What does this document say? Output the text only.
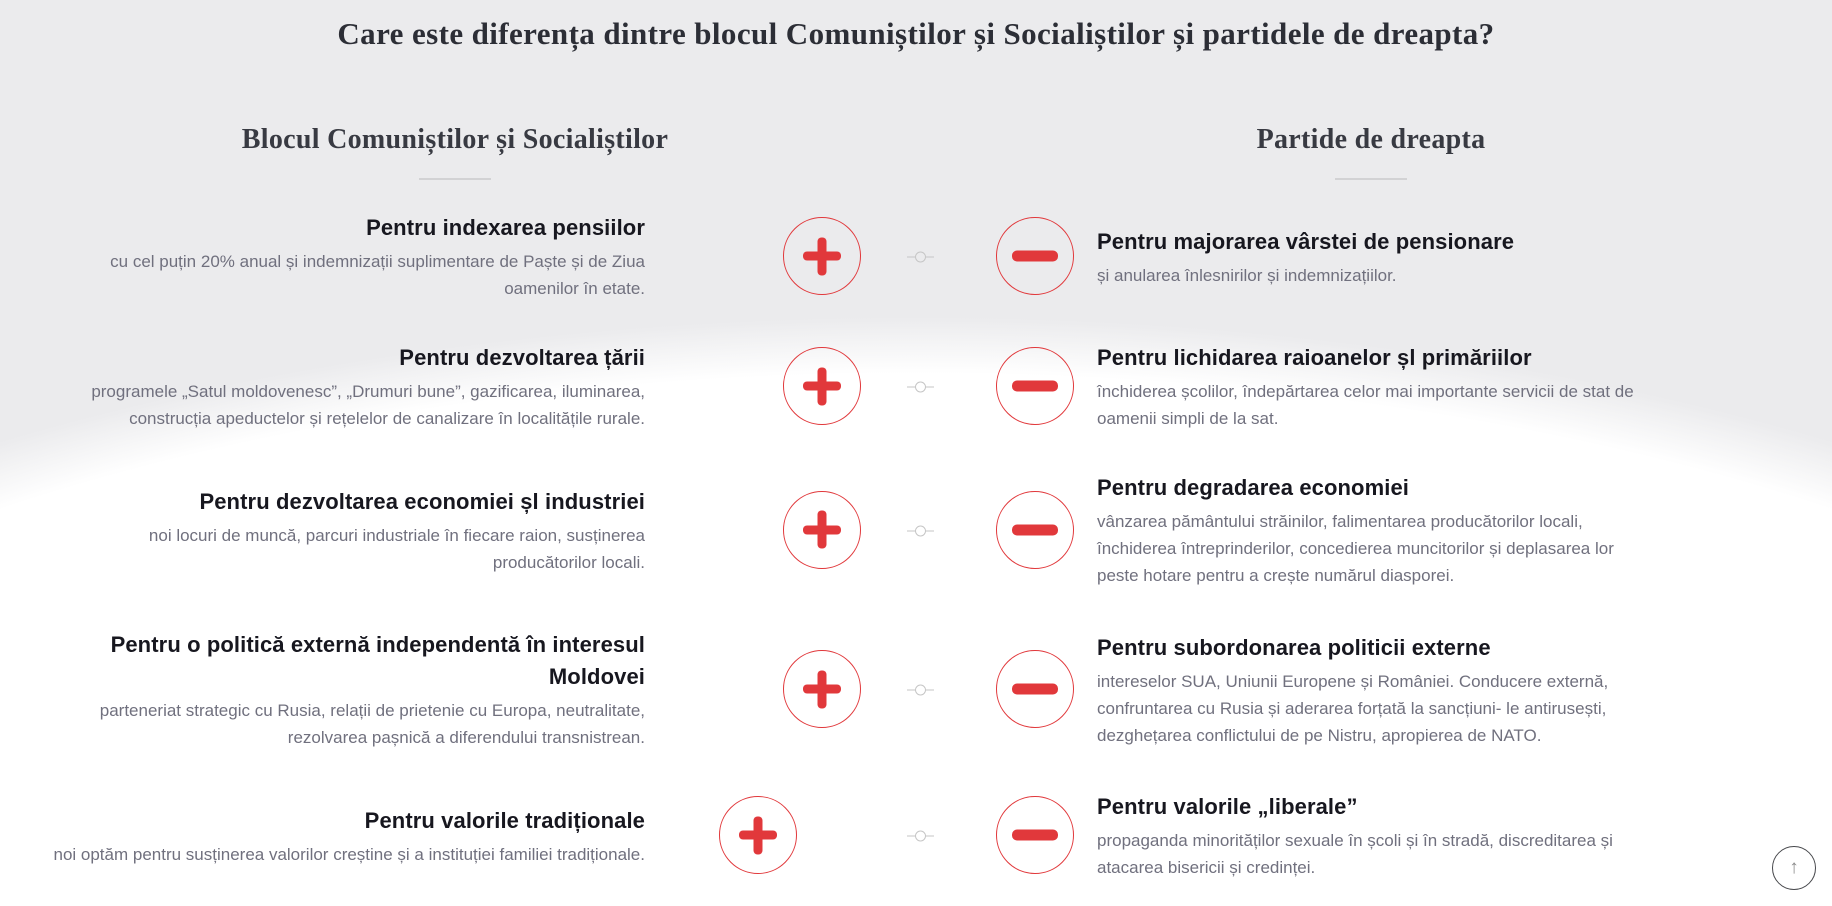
Care este diferența dintre blocul Comuniștilor și Socialiștilor și partidele de dreapta?
Blocul Comuniștilor și Socialiștilor	Partide de dreapta
Pentru indexarea pensiilor

cu cel puțin 20% anual și indemnizații suplimentare de Paște și de Ziua oamenilor în etate.

Pentru majorarea vârstei de pensionare

și anularea înlesnirilor și indemnizațiilor.

Pentru dezvoltarea țării

programele „Satul moldovenesc”, „Drumuri bune”, gazificarea, iluminarea, construcția apeductelor și rețelelor de canalizare în localitățile rurale.

Pentru lichidarea raioanelor șl primăriilor

închiderea școlilor, îndepărtarea celor mai importante servicii de stat de oamenii simpli de la sat.

Pentru dezvoltarea economiei șl industriei

noi locuri de muncă, parcuri industriale în fiecare raion, susținerea producătorilor locali.

Pentru degradarea economiei

vânzarea pământului străinilor, falimentarea producătorilor locali, închiderea întreprinderilor, concedierea muncitorilor și deplasarea lor peste hotare pentru a crește numărul diasporei.

Pentru o politică externă independentă în interesul Moldovei

parteneriat strategic cu Rusia, relații de prietenie cu Europa, neutralitate, rezolvarea pașnică a diferendului transnistrean.

Pentru subordonarea politicii externe

intereselor SUA, Uniunii Europene și României. Conducere externă, confruntarea cu Rusia și aderarea forțată la sancțiuni- le antirusești, dezghețarea conflictului de pe Nistru, apropierea de NATO.

Pentru valorile tradiționale

noi optăm pentru susținerea valorilor creștine și a instituției familiei tradiționale.

Pentru valorile „liberale”

propaganda minorităților sexuale în școli și în stradă, discreditarea și atacarea bisericii și credinței.	↑
